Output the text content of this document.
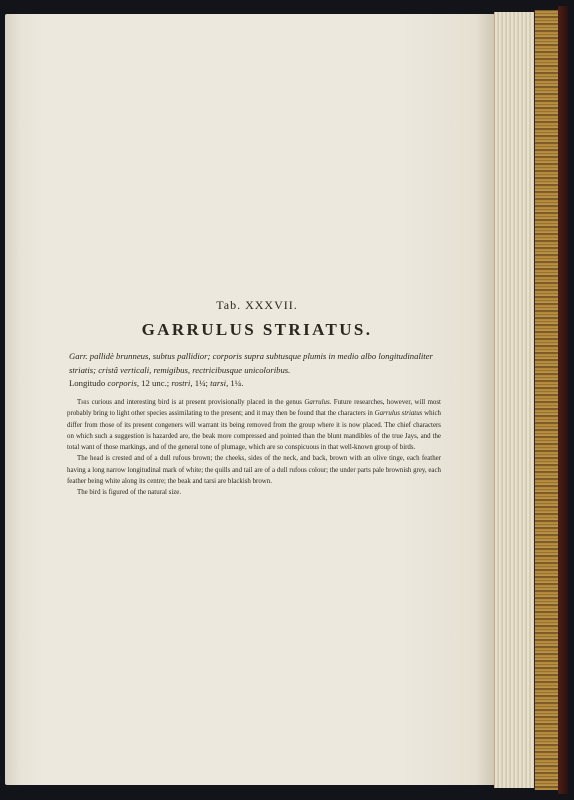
Tab. XXXVII.
GARRULUS STRIATUS.
Garr. pallidè brunneus, subtus pallidior; corporis supra subtusque plumis in medio albo longitudinaliter striatis; cristâ verticali, remigibus, rectricibusque unicoloribus.
Longitudo corporis, 12 unc.; rostri, 1¼; tarsi, 1¼.

This curious and interesting bird is at present provisionally placed in the genus Garrulus. Future researches, however, will most probably bring to light other species assimilating to the present; and it may then be found that the characters in Garrulus striatus which differ from those of its present congeners will warrant its being removed from the group where it is now placed. The chief characters on which such a suggestion is hazarded are, the beak more compressed and pointed than the blunt mandibles of the true Jays, and the total want of those markings, and of the general tone of plumage, which are so conspicuous in that well-known group of birds.

The head is crested and of a dull rufous brown; the cheeks, sides of the neck, and back, brown with an olive tinge, each feather having a long narrow longitudinal mark of white; the quills and tail are of a dull rufous colour; the under parts pale brownish grey, each feather being white along its centre; the beak and tarsi are blackish brown.

The bird is figured of the natural size.
